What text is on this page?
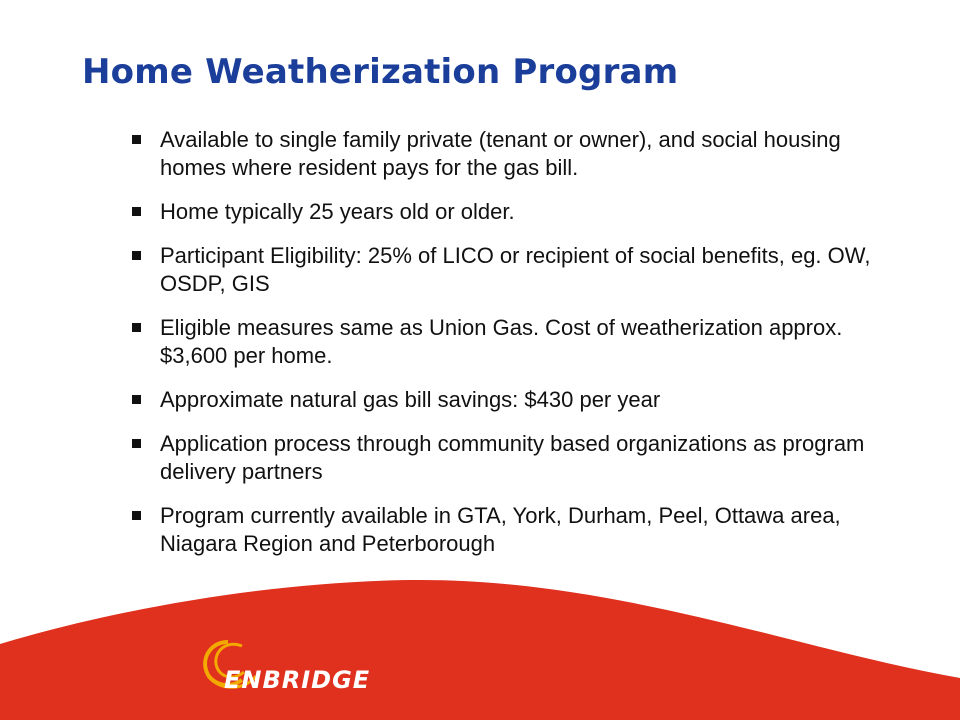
Home Weatherization Program
Available to single family private (tenant or owner), and social housing homes where resident pays for the gas bill.
Home typically 25 years old or older.
Participant Eligibility: 25% of LICO or recipient of social benefits, eg. OW, OSDP, GIS
Eligible measures same as Union Gas. Cost of weatherization approx. $3,600 per home.
Approximate natural gas bill savings: $430 per year
Application process through community based organizations as program delivery partners
Program currently available in GTA, York, Durham, Peel, Ottawa area, Niagara Region and Peterborough

ENBRIDGE
